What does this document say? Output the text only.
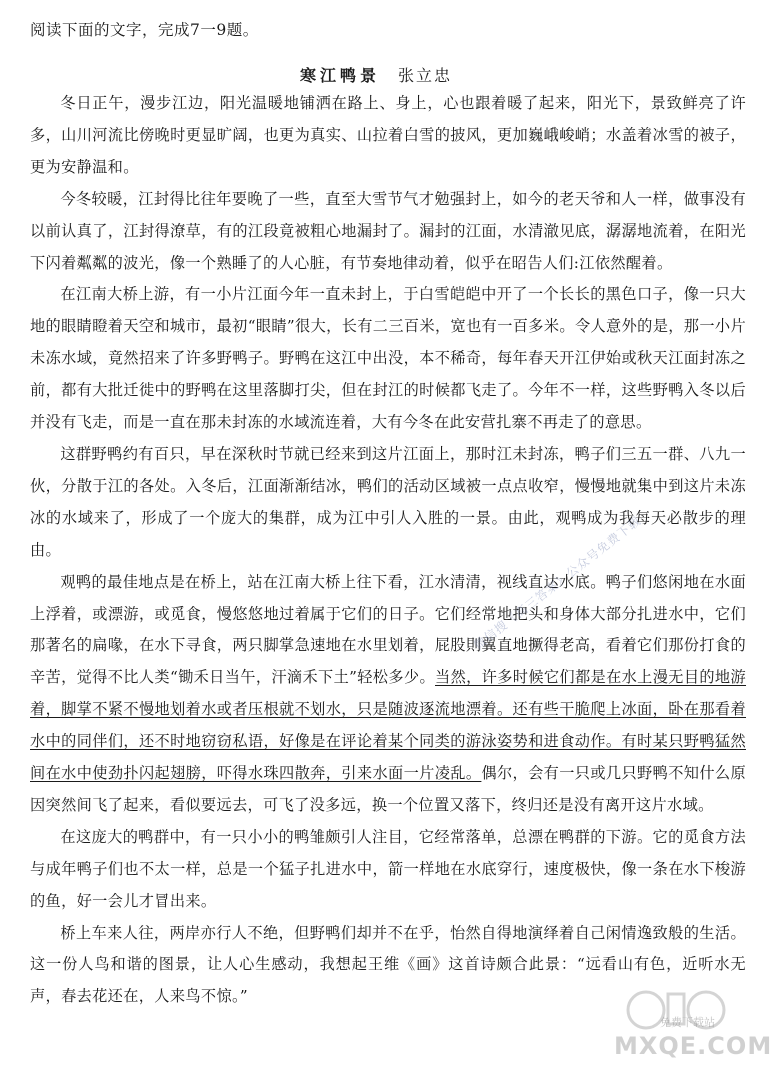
阅读下面的文字，完成7一9题。
寒江鸭景 张立忠

冬日正午，漫步江边，阳光温暖地铺洒在路上、身上，心也跟着暖了起来，阳光下，景致鲜亮了许多，山川河流比傍晚时更显旷阔，也更为真实、山拉着白雪的披风，更加巍峨峻峭；水盖着冰雪的被子，更为安静温和。

今冬较暖，江封得比往年要晚了一些，直至大雪节气才勉强封上，如今的老天爷和人一样，做事没有以前认真了，江封得潦草，有的江段竟被粗心地漏封了。漏封的江面，水清澈见底，潺潺地流着，在阳光下闪着粼粼的波光，像一个熟睡了的人心脏，有节奏地律动着，似乎在昭告人们:江依然醒着。

在江南大桥上游，有一小片江面今年一直未封上，于白雪皑皑中开了一个长长的黑色口子，像一只大地的眼睛瞪着天空和城市，最初“眼睛”很大，长有二三百米，宽也有一百多米。令人意外的是，那一小片未冻水域，竟然招来了许多野鸭子。野鸭在这江中出没，本不稀奇，每年春天开江伊始或秋天江面封冻之前，都有大批迁徙中的野鸭在这里落脚打尖，但在封江的时候都飞走了。今年不一样，这些野鸭入冬以后并没有飞走，而是一直在那未封冻的水域流连着，大有今冬在此安营扎寨不再走了的意思。

这群野鸭约有百只，早在深秋时节就已经来到这片江面上，那时江未封冻，鸭子们三五一群、八九一伙，分散于江的各处。入冬后，江面渐渐结冰，鸭们的活动区域被一点点收窄，慢慢地就集中到这片未冻冰的水域来了，形成了一个庞大的集群，成为江中引人入胜的一景。由此，观鸭成为我每天必散步的理由。

观鸭的最佳地点是在桥上，站在江南大桥上往下看，江水清清，视线直达水底。鸭子们悠闲地在水面上浮着，或漂游，或觅食，慢悠悠地过着属于它们的日子。它们经常地把头和身体大部分扎进水中，它们那著名的扁喙，在水下寻食，两只脚掌急速地在水里划着，屁股則翼直地撅得老高，看着它们那份打食的辛苦，觉得不比人类“锄禾日当午，汗滴禾下土”轻松多少。当然，许多时候它们都是在水上漫无目的地游着，脚掌不紧不慢地划着水或者压根就不划水，只是随波逐流地漂着。还有些干脆爬上冰面，卧在那看着水中的同伴们，还不时地窃窃私语，好像是在评论着某个同类的游泳姿势和进食动作。有时某只野鸭猛然间在水中使劲扑闪起翅膀，吓得水珠四散奔，引来水面一片凌乱。偶尔，会有一只或几只野鸭不知什么原因突然间飞了起来，看似要远去，可飞了没多远，换一个位置又落下，终归还是没有离开这片水域。

在这庞大的鸭群中，有一只小小的鸭雏颇引人注目，它经常落单，总漂在鸭群的下游。它的觅食方法与成年鸭子们也不太一样，总是一个猛子扎进水中，箭一样地在水底穿行，速度极快，像一条在水下梭游的鱼，好一会儿才冒出来。

桥上车来人往，两岸亦行人不绝，但野鸭们却并不在乎，怡然自得地演绎着自己闲情逸致般的生活。这一份人鸟和谐的图景，让人心生感动，我想起王维《画》这首诗颇合此景：“远看山有色，近听水无声，春去花还在，人来鸟不惊。”

微信搜《高三答案》公众号免费下载
免费下载站
MXQE.COM
